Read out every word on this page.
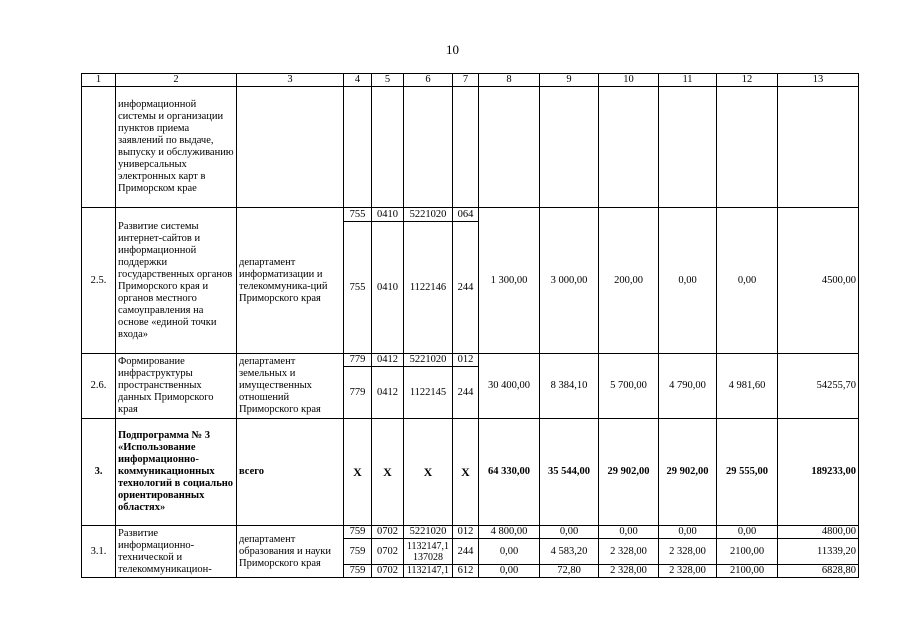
10
1	2	3	4	5	6	7	8	9	10	11	12	13
	информационной системы и организации пунктов приема заявлений по выдаче, выпуску и обслуживанию универсальных электронных карт в Приморском крае											
2.5.	Развитие системы интернет-сайтов и информационной поддержки государственных органов Приморского края и органов местного самоуправления на основе «единой точки входа»	департамент информатизации и телекоммуника-ций Приморского края	755	0410	5221020	064	1 300,00	3 000,00	200,00	0,00	0,00	4500,00
			755	0410	1122146	244						
2.6.	Формирование инфраструктуры пространственных данных Приморского края	департамент земельных и имущественных отношений Приморского края	779	0412	5221020	012	30 400,00	8 384,10	5 700,00	4 790,00	4 981,60	54255,70
			779	0412	1122145	244						
3.	Подпрограмма № 3 «Использование информационно-коммуникационных технологий в социально ориентированных областях»	всего	X	X	X	X	64 330,00	35 544,00	29 902,00	29 902,00	29 555,00	189233,00
3.1.	Развитие информационно-технической и телекоммуникацион-	департамент образования и науки Приморского края	759	0702	5221020	012	4 800,00	0,00	0,00	0,00	0,00	4800,00
			759	0702	1132147,1 137028	244	0,00	4 583,20	2 328,00	2 328,00	2100,00	11339,20
			759	0702	1132147,1	612	0,00	72,80	2 328,00	2 328,00	2100,00	6828,80
